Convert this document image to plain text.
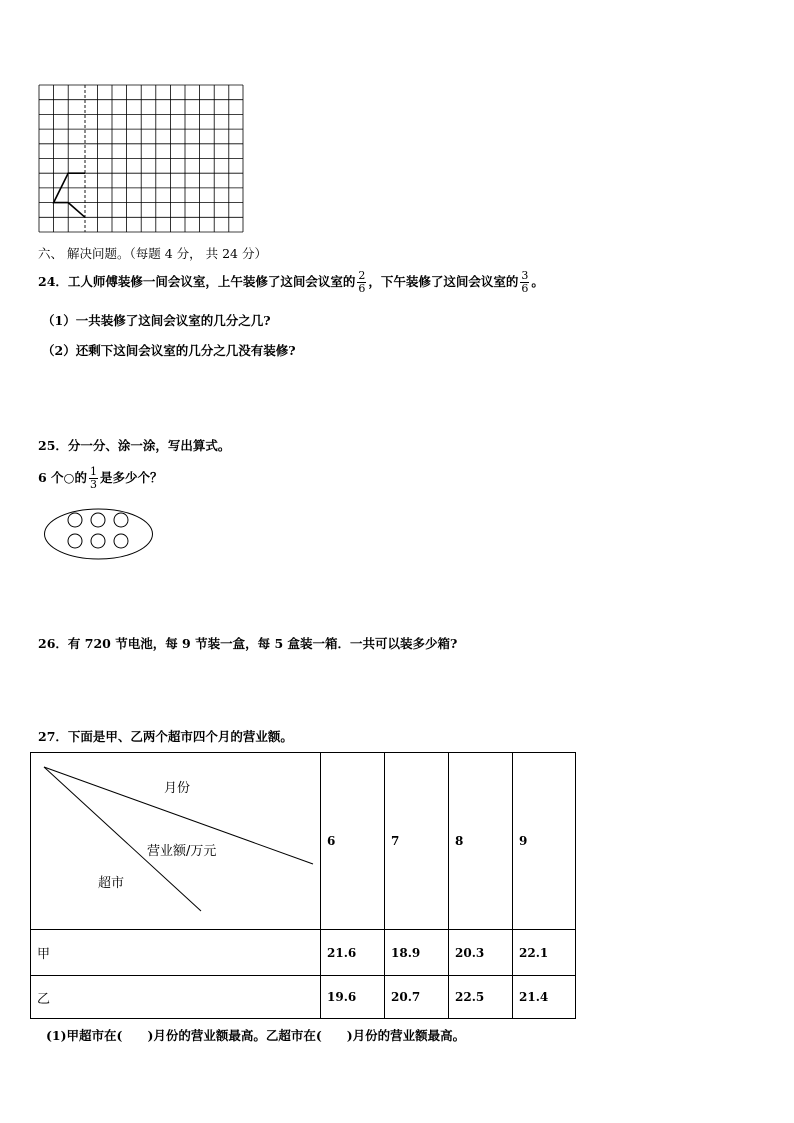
六、 解决问题。（每题 4 分， 共 24 分）
24．工人师傅装修一间会议室，上午装修了这间会议室的 $\frac{2}{6}$ ，下午装修了这间会议室的 $\frac{3}{6}$ 。
（1）一共装修了这间会议室的几分之几?
（2）还剩下这间会议室的几分之几没有装修?
25．分一分、涂一涂，写出算式。
6 个○的 $\frac{1}{3}$ 是多少个？
26．有 720 节电池，每 9 节装一盒，每 5 盒装一箱．一共可以装多少箱?
27．下面是甲、乙两个超市四个月的营业额。
月份
营业额/万元
超市	6	7	8	9
甲	21.6	18.9	20.3	22.1
乙	19.6	20.7	22.5	21.4
(1)甲超市在(　　)月份的营业额最高。乙超市在(　　)月份的营业额最高。
